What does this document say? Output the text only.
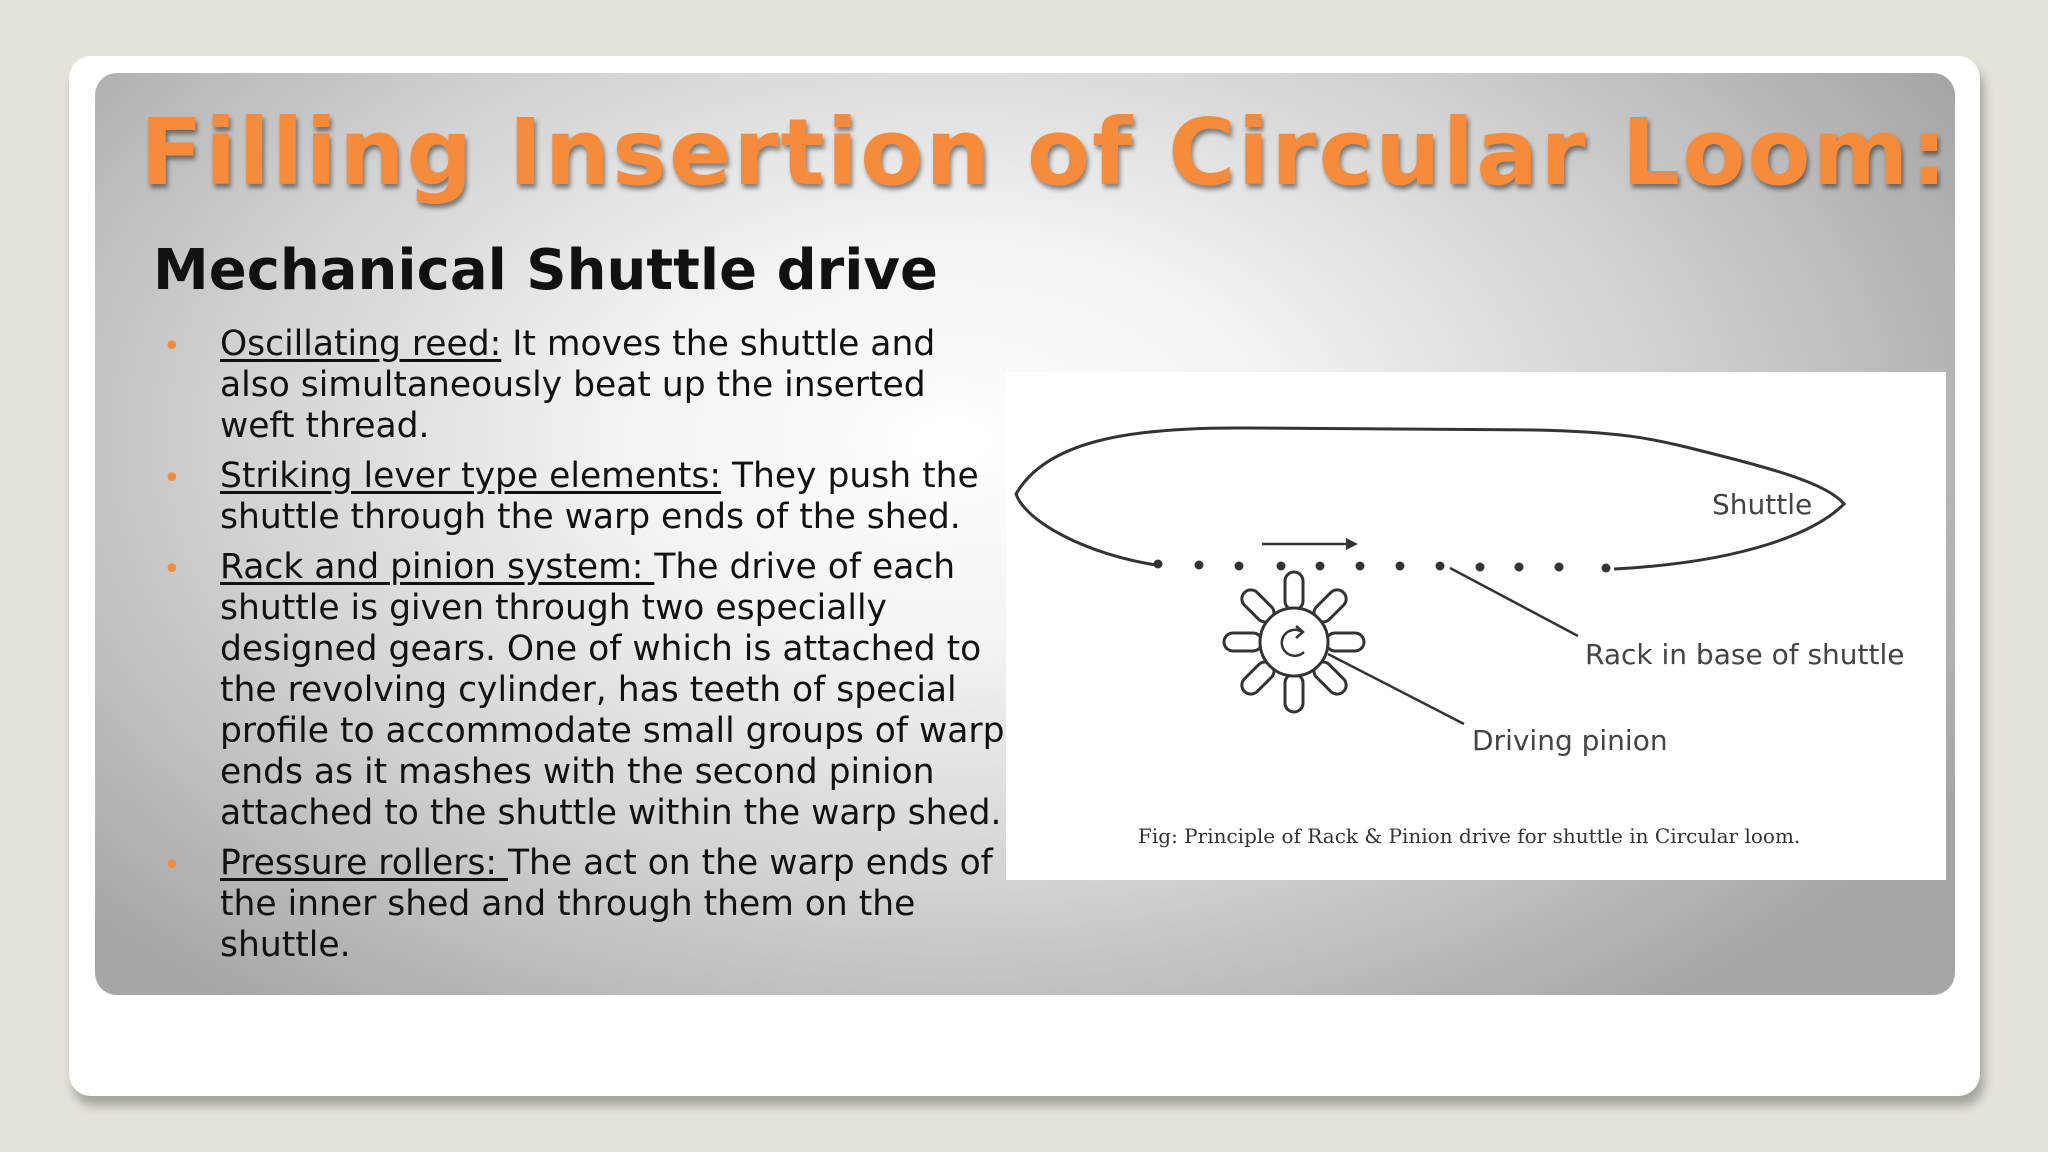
Filling Insertion of Circular Loom:
Mechanical Shuttle drive
• Oscillating reed: It moves the shuttle and also simultaneously beat up the inserted weft thread.
• Striking lever type elements: They push the shuttle through the warp ends of the shed.
• Rack and pinion system: The drive of each shuttle is given through two especially designed gears. One of which is attached to the revolving cylinder, has teeth of special profile to accommodate small groups of warp ends as it mashes with the second pinion attached to the shuttle within the warp shed.
• Pressure rollers: The act on the warp ends of the inner shed and through them on the shuttle.
Shuttle
Rack in base of shuttle
Driving pinion
Fig: Principle of Rack & Pinion drive for shuttle in Circular loom.
